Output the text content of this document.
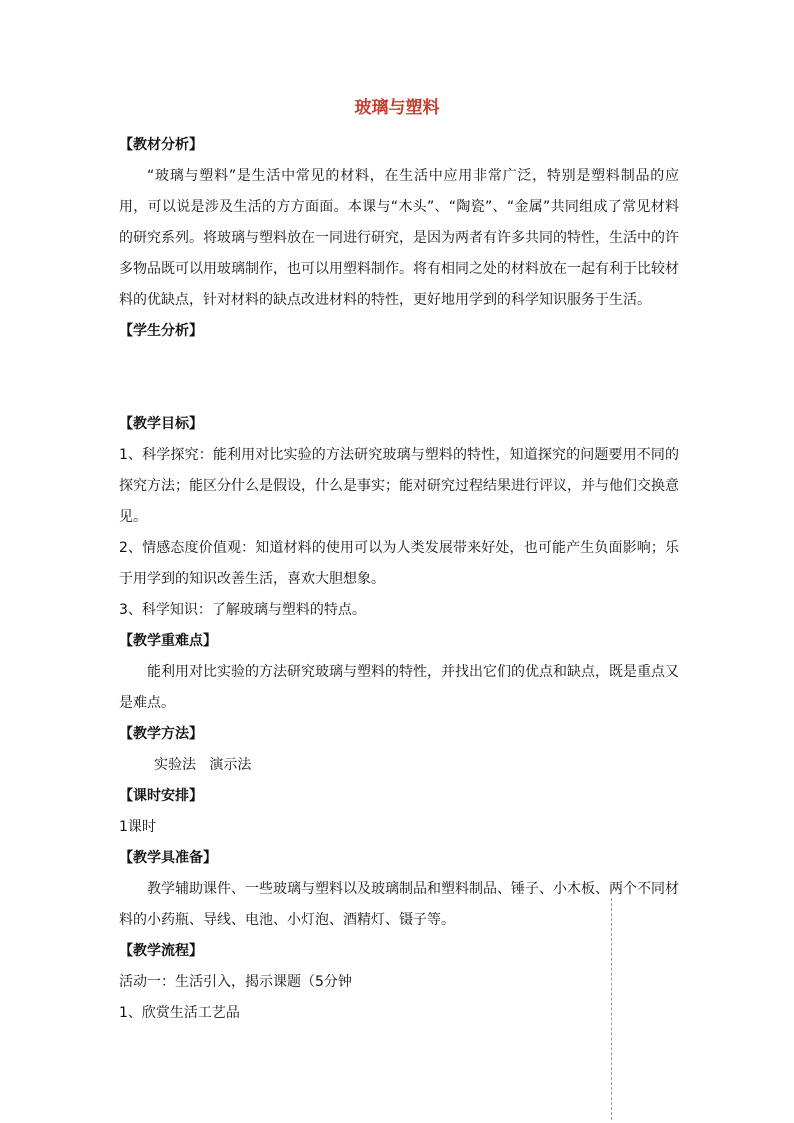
玻璃与塑料
【教材分析】

“玻璃与塑料”是生活中常见的材料，在生活中应用非常广泛，特别是塑料制品的应用，可以说是涉及生活的方方面面。本课与“木头”、“陶瓷”、“金属”共同组成了常见材料的研究系列。将玻璃与塑料放在一同进行研究，是因为两者有许多共同的特性，生活中的许多物品既可以用玻璃制作，也可以用塑料制作。将有相同之处的材料放在一起有利于比较材料的优缺点，针对材料的缺点改进材料的特性，更好地用学到的科学知识服务于生活。

【学生分析】
【教学目标】

1、科学探究：能利用对比实验的方法研究玻璃与塑料的特性，知道探究的问题要用不同的探究方法；能区分什么是假设，什么是事实；能对研究过程结果进行评议，并与他们交换意见。

2、情感态度价值观：知道材料的使用可以为人类发展带来好处，也可能产生负面影响；乐于用学到的知识改善生活，喜欢大胆想象。

3、科学知识：了解玻璃与塑料的特点。

【教学重难点】

能利用对比实验的方法研究玻璃与塑料的特性，并找出它们的优点和缺点，既是重点又是难点。

【教学方法】
实验法   演示法
【课时安排】
1课时
【教学具准备】

教学辅助课件、一些玻璃与塑料以及玻璃制品和塑料制品、锤子、小木板、两个不同材料的小药瓶、导线、电池、小灯泡、酒精灯、镊子等。

【教学流程】
活动一：生活引入，揭示课题（5分钟
1、欣赏生活工艺品
